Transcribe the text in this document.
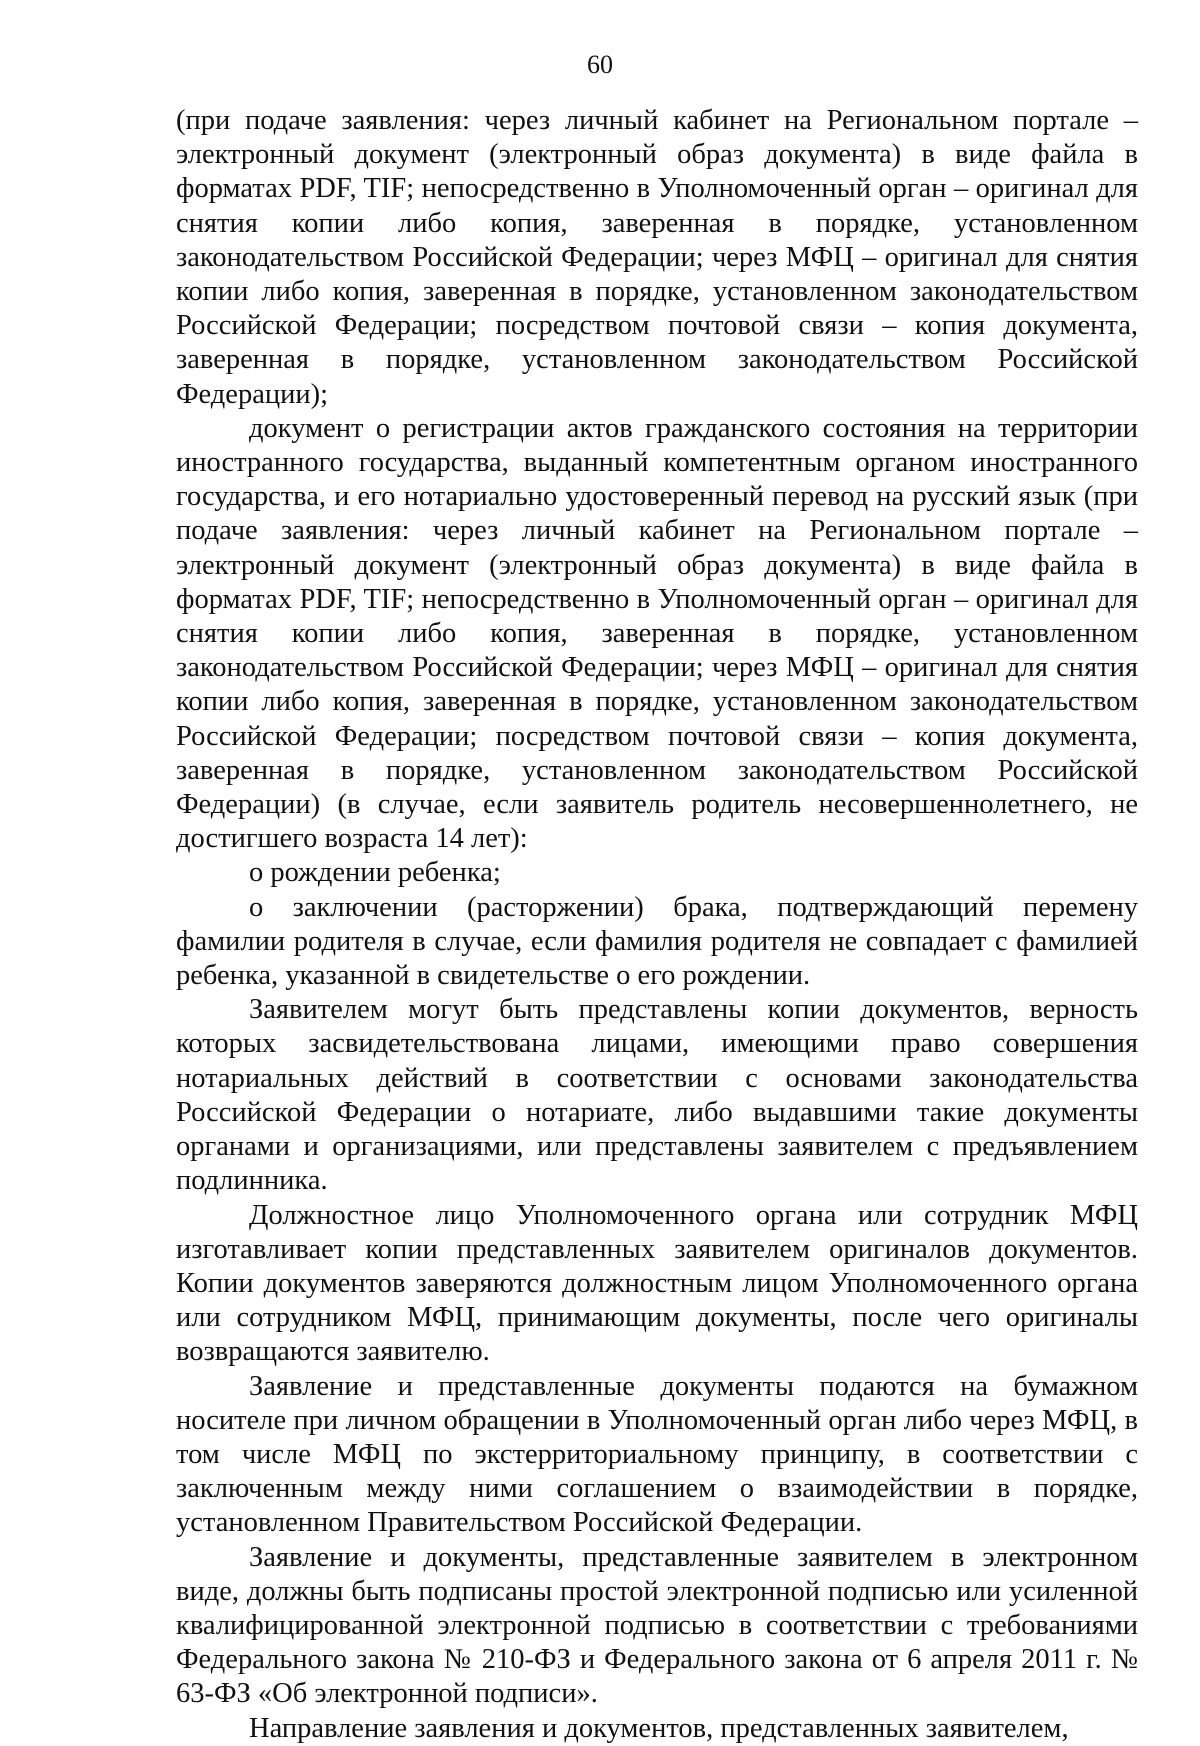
60

(при подаче заявления: через личный кабинет на Региональном портале – электронный документ (электронный образ документа) в виде файла в форматах PDF, TIF; непосредственно в Уполномоченный орган – оригинал для снятия копии либо копия, заверенная в порядке, установленном законодательством Российской Федерации; через МФЦ – оригинал для снятия копии либо копия, заверенная в порядке, установленном законодательством Российской Федерации; посредством почтовой связи – копия документа, заверенная в порядке, установленном законодательством Российской Федерации);

документ о регистрации актов гражданского состояния на территории иностранного государства, выданный компетентным органом иностранного государства, и его нотариально удостоверенный перевод на русский язык (при подаче заявления: через личный кабинет на Региональном портале – электронный документ (электронный образ документа) в виде файла в форматах PDF, TIF; непосредственно в Уполномоченный орган – оригинал для снятия копии либо копия, заверенная в порядке, установленном законодательством Российской Федерации; через МФЦ – оригинал для снятия копии либо копия, заверенная в порядке, установленном законодательством Российской Федерации; посредством почтовой связи – копия документа, заверенная в порядке, установленном законодательством Российской Федерации) (в случае, если заявитель родитель несовершеннолетнего, не достигшего возраста 14 лет):

о рождении ребенка;

о заключении (расторжении) брака, подтверждающий перемену фамилии родителя в случае, если фамилия родителя не совпадает с фамилией ребенка, указанной в свидетельстве о его рождении.

Заявителем могут быть представлены копии документов, верность которых засвидетельствована лицами, имеющими право совершения нотариальных действий в соответствии с основами законодательства Российской Федерации о нотариате, либо выдавшими такие документы органами и организациями, или представлены заявителем с предъявлением подлинника.

Должностное лицо Уполномоченного органа или сотрудник МФЦ изготавливает копии представленных заявителем оригиналов документов. Копии документов заверяются должностным лицом Уполномоченного органа или сотрудником МФЦ, принимающим документы, после чего оригиналы возвращаются заявителю.

Заявление и представленные документы подаются на бумажном носителе при личном обращении в Уполномоченный орган либо через МФЦ, в том числе МФЦ по экстерриториальному принципу, в соответствии с заключенным между ними соглашением о взаимодействии в порядке, установленном Правительством Российской Федерации.

Заявление и документы, представленные заявителем в электронном виде, должны быть подписаны простой электронной подписью или усиленной квалифицированной электронной подписью в соответствии с требованиями Федерального закона № 210-ФЗ и Федерального закона от 6 апреля 2011 г. № 63-ФЗ «Об электронной подписи».

Направление заявления и документов, представленных заявителем,
